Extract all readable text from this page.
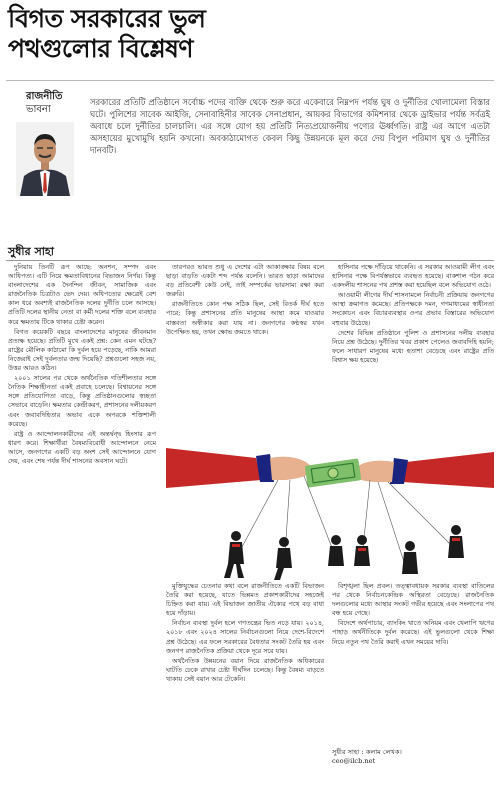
বিগত সরকারের ভুল
পথগুলোর বিশ্লেষণ
রাজনীতি
ভাবনা
সরকারের প্রতিটি প্রতিষ্ঠানে সর্বোচ্চ পদের ব্যক্তি থেকে শুরু করে একেবারে নিম্নপদ পর্যন্ত ঘুষ ও দুর্নীতির খোলামেলা বিস্তার ঘটে। পুলিশের সাবেক আইজি, সেনাবাহিনীর সাবেক সেনাপ্রধান, আয়কর বিভাগের কমিশনার থেকে ড্রাইভার পর্যন্ত সর্বত্রই অবাধে চলে দুর্নীতির চালচালি। এর সঙ্গে যোগ হয় প্রতিটি নিত্যপ্রয়োজনীয় পণ্যের ঊর্ধ্বগতি। রাষ্ট্র এর আগে এতটা অসহায়ের মুখোমুখি হয়নি কখনো। অবকাঠামোগত কেবল কিছু উন্নয়নকে মূল করে দেয় বিপুল পরিমাণ ঘুষ ও দুর্নীতির দানবটি।
সুধীর সাহা

দুনিয়ায় তিনটি রূপ আছে: অনশন, সম্পদ এবং আধিপত্য। এটি নিয়ে ক্ষমতাবিধানের বিভাজন নির্ণয়। কিন্তু বাংলাদেশের এক দৈনন্দিন জীবন, সামাজিক এবং রাজনৈতিক চিত্রটাও ভেদ দেয়। অধিপত্যের ক্ষেত্রেই বেশ কাল ধরে অবশ্যই রাজনৈতিক দলের দুর্নীতি চলে আসছে। প্রতিটি দলের স্থানীয় নেতা বা কর্মী দলের শক্তি বলে ব্যবহার করে ক্ষমতায় টিকে থাকার চেষ্টা করেন।

বিগত কয়েকটি বছরে বাংলাদেশের মানুষের জীবনমান প্রত্যক্ষ হয়েছে। প্রতিটি মুখে একই প্রশ্ন: কেন এমন ঘটছে? রাষ্ট্রের মৌলিক কাঠামো কি দুর্বল হয়ে পড়েছে, নাকি আমরা নিজেরাই সেই দুর্বলতার জন্ম দিয়েছি? প্রশ্নগুলো সহজ নয়, উত্তর আরও কঠিন।

২০০১ সালের পর থেকে অর্থনৈতিক গতিশীলতার সঙ্গে নৈতিক শিক্ষাহীনতা একই প্রবাহে চলেছে। বিশ্বায়নের সঙ্গে সঙ্গে প্রতিযোগিতা বাড়ে, কিন্তু প্রতিষ্ঠানগুলোর স্বচ্ছতা সেভাবে বাড়েনি। ক্ষমতার কেন্দ্রীকরণ, প্রশাসনের দলীয়করণ এবং জবাবদিহিতার অভাব একে অপরকে শক্তিশালী করেছে।

রাষ্ট্র ও আন্দোলনকারীদের এই অন্তর্দ্বন্দ্ব হিংসার রূপ ধারণ করে। শিক্ষার্থীরা বৈষম্যবিরোধী আন্দোলনে নেমে আসে, জনগণের একটি বড় অংশ সেই আন্দোলনে যোগ দেয়, এবং শেষ পর্যন্ত দীর্ঘ শাসনের অবসান ঘটে।

তারপরও ভারত শুধু এ দেশের এটা আকাঙ্ক্ষার বিষয় বলে ছাড়া বাড়তি একটা শব্দ পর্যন্ত বলেনি। ভারত ছাড়া আমাদের বড় প্রতিবেশী কেউ নেই, তাই সম্পর্কের ভারসাম্য রক্ষা করা জরুরি।

রাজনীতিতে কোন পক্ষ সঠিক ছিল, সেই বিতর্ক দীর্ঘ হতে পারে; কিন্তু প্রশাসনের প্রতি মানুষের আস্থা কমে যাওয়ার বাস্তবতা অস্বীকার করা যায় না। জনগণের কণ্ঠস্বর যখন উপেক্ষিত হয়, তখন ক্ষোভ জমতে থাকে।

হাসিনার পক্ষে দাঁড়িয়ে থাকেনি। এ সরকার আওয়ামী লীগ এবং হাসিনার পক্ষে বিপর্যস্তভাবে ব্যবহৃত হয়েছে। বাকশাল গঠন করে একদলীয় শাসনের পথ প্রশস্ত করা হয়েছিল বলে অভিযোগ ওঠে।

আওয়ামী লীগের দীর্ঘ শাসনামলে নির্বাচনী প্রক্রিয়ায় জনগণের আস্থা ক্রমাগত কমেছে। প্রতিপক্ষকে দমন, গণমাধ্যমের স্বাধীনতা সংকোচন এবং বিচারব্যবস্থার ওপর প্রভাব বিস্তারের অভিযোগ বহুবার উঠেছে।

দেশের বিভিন্ন প্রতিষ্ঠানে পুলিশ ও প্রশাসনের দলীয় ব্যবহার নিয়ে প্রশ্ন উঠেছে। দুর্নীতির খবর প্রকাশ পেলেও জবাবদিহি হয়নি; ফলে সাধারণ মানুষের মধ্যে হতাশা বেড়েছে এবং রাষ্ট্রের প্রতি বিশ্বাস ক্ষয় হয়েছে।

মুক্তিযুদ্ধের চেতনার কথা বলে রাজনীতিতে একটি বিভাজন তৈরি করা হয়েছে, যাতে ভিন্নমত প্রকাশকারীদের সহজেই চিহ্নিত করা যায়। এই বিভাজন জাতীয় ঐক্যের পথে বড় বাধা হয়ে দাঁড়ায়।

নির্বাচন ব্যবস্থা দুর্বল হলে গণতন্ত্রের ভিত নড়ে যায়। ২০১৪, ২০১৮ এবং ২০২৪ সালের নির্বাচনগুলো নিয়ে দেশে-বিদেশে প্রশ্ন উঠেছে। এর ফলে সরকারের বৈধতার সংকট তৈরি হয় এবং জনগণ রাজনৈতিক প্রক্রিয়া থেকে দূরে সরে যায়।

অর্থনৈতিক উন্নয়নের বয়ান দিয়ে রাজনৈতিক অধিকারের ঘাটতি ঢেকে রাখার চেষ্টা দীর্ঘদিন চলেছে। কিন্তু বৈষম্য বাড়তে থাকায় সেই বয়ান আর টেকেনি।

বিশৃঙ্খলা ছিল প্রবল। তত্ত্বাবধায়ক সরকার ব্যবস্থা বাতিলের পর থেকে নির্বাচনকেন্দ্রিক অস্থিরতা বেড়েছে। রাজনৈতিক দলগুলোর মধ্যে আস্থার সংকট গভীর হয়েছে এবং সংলাপের পথ বন্ধ হয়ে গেছে।

বিদেশে অর্থপাচার, ব্যাংকিং খাতে অনিয়ম এবং খেলাপি ঋণের পাহাড় অর্থনীতিকে দুর্বল করেছে। এই ভুলগুলো থেকে শিক্ষা নিয়ে নতুন পথ তৈরি করাই এখন সময়ের দাবি।

সুধীর সাহা : কলাম লেখক।
ceo@ilcb.net
